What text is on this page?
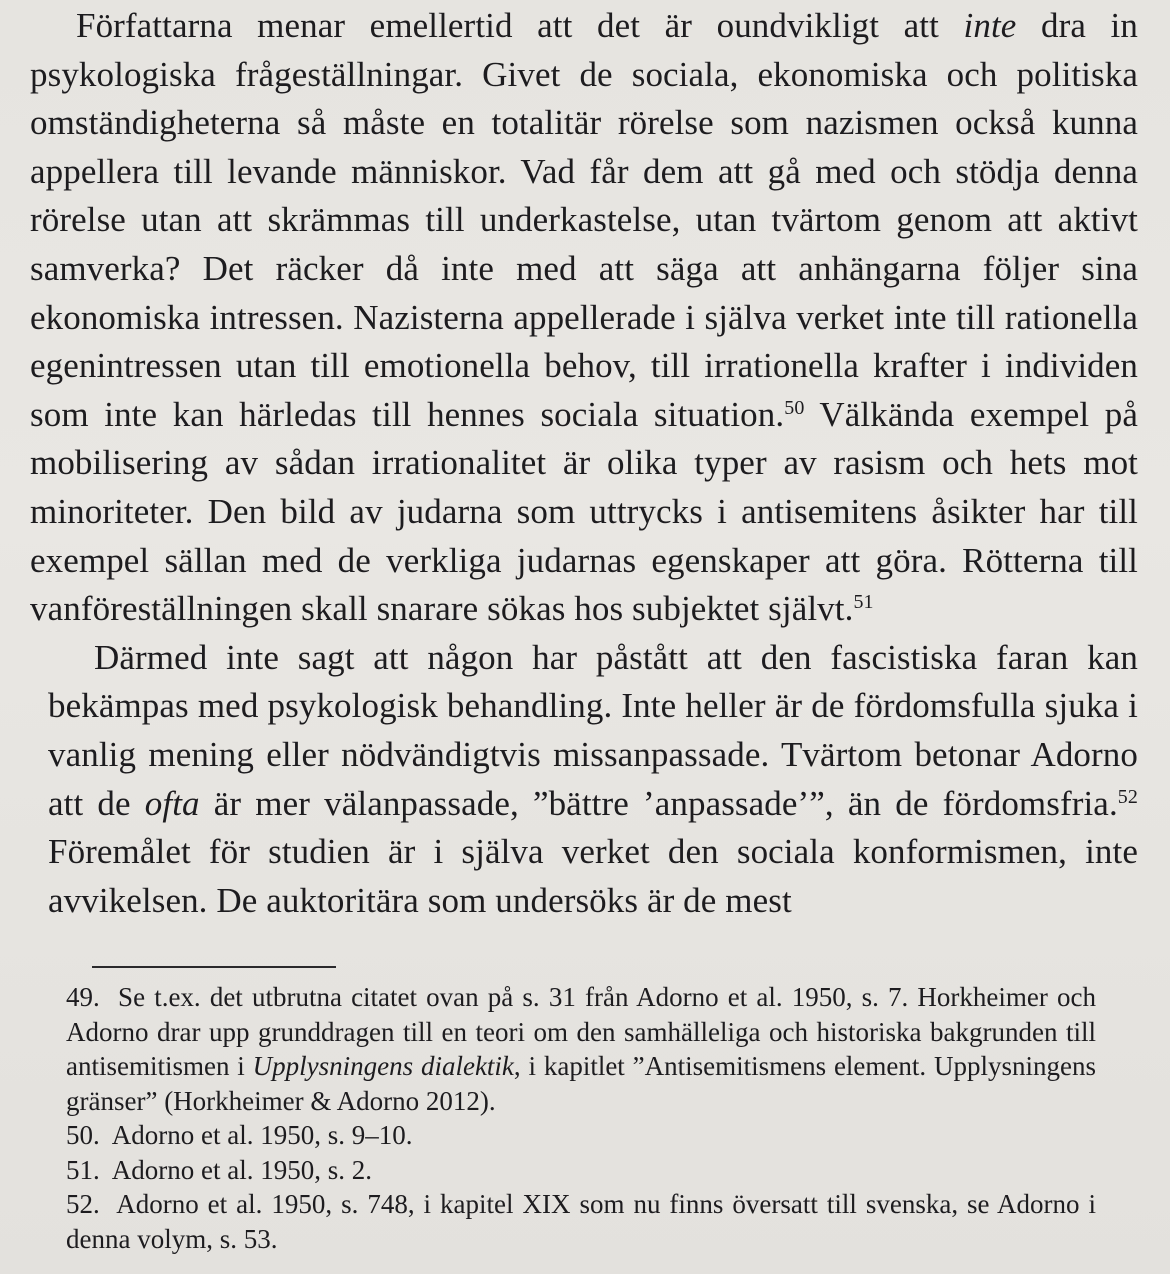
Författarna menar emellertid att det är oundvikligt att inte dra in psykologiska frågeställningar. Givet de sociala, ekonomiska och politiska omständigheterna så måste en totalitär rörelse som nazismen också kunna appellera till levande människor. Vad får dem att gå med och stödja denna rörelse utan att skrämmas till underkastelse, utan tvärtom genom att aktivt samverka? Det räcker då inte med att säga att anhängarna följer sina ekonomiska intressen. Nazisterna appellerade i själva verket inte till rationella egenintressen utan till emotionella behov, till irrationella krafter i individen som inte kan härledas till hennes sociala situation.$^{50}$ Välkända exempel på mobilisering av sådan irrationalitet är olika typer av rasism och hets mot minoriteter. Den bild av judarna som uttrycks i antisemitens åsikter har till exempel sällan med de verkliga judarnas egenskaper att göra. Rötterna till vanföreställningen skall snarare sökas hos subjektet självt.$^{51}$

Därmed inte sagt att någon har påstått att den fascistiska faran kan bekämpas med psykologisk behandling. Inte heller är de fördomsfulla sjuka i vanlig mening eller nödvändigtvis missanpassade. Tvärtom betonar Adorno att de ofta är mer välanpassade, ”bättre ’anpassade’”, än de fördomsfria.$^{52}$ Föremålet för studien är i själva verket den sociala konformismen, inte avvikelsen. De auktoritära som undersöks är de mest

49. Se t.ex. det utbrutna citatet ovan på s. 31 från Adorno et al. 1950, s. 7. Horkheimer och Adorno drar upp grunddragen till en teori om den samhälleliga och historiska bakgrunden till antisemitismen i Upplysningens dialektik, i kapitlet ”Antisemitismens element. Upplysningens gränser” (Horkheimer & Adorno 2012).

50. Adorno et al. 1950, s. 9–10.

51. Adorno et al. 1950, s. 2.

52. Adorno et al. 1950, s. 748, i kapitel XIX som nu finns översatt till svenska, se Adorno i denna volym, s. 53.
